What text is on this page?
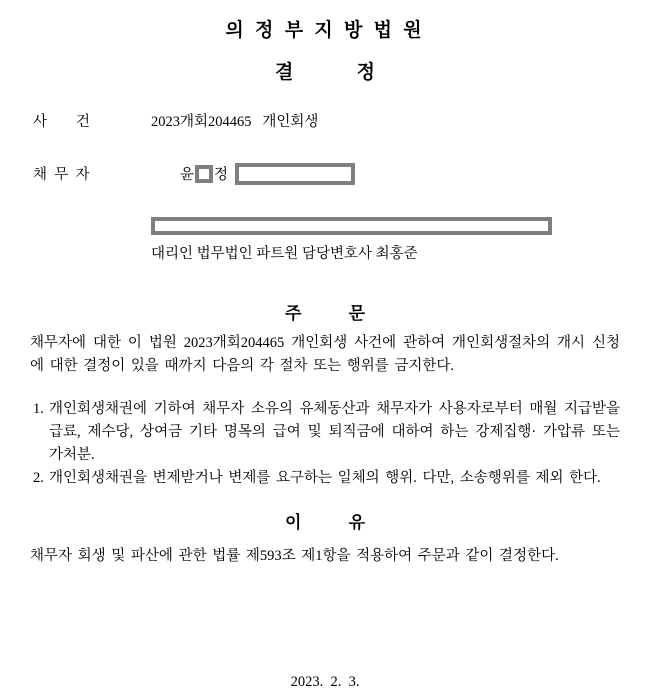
의 정 부 지 방 법 원
결            정
사        건	2023개회204465   개인회생
채  무  자	윤 정

대리인 법무법인 파트원 담당변호사 최홍준
주          문

채무자에 대한 이 법원 2023개회204465 개인회생 사건에 관하여 개인회생절차의 개시 신청에 대한 결정이 있을 때까지 다음의 각 절차 또는 행위를 금지한다.

1. 개인회생채권에 기하여 채무자 소유의 유체동산과 채무자가 사용자로부터 매월 지급받을 급료, 제수당, 상여금 기타 명목의 급여 및 퇴직금에 대하여 하는 강제집행· 가압류 또는 가처분.
2. 개인회생채권을 변제받거나 변제를 요구하는 일체의 행위. 다만, 소송행위를 제외 한다.
이          유

채무자 회생 및 파산에 관한 법률 제593조 제1항을 적용하여 주문과 같이 결정한다.

2023.  2.  3.
